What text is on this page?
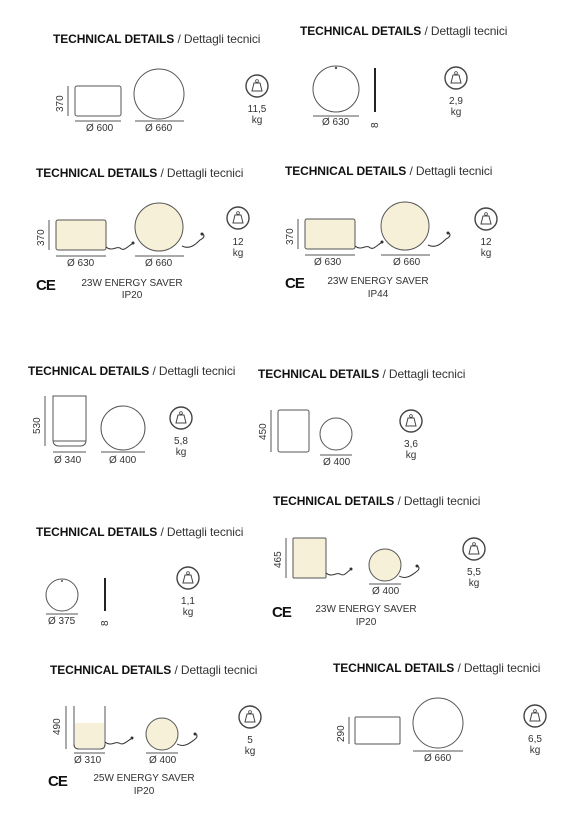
TECHNICAL DETAILS / Dettagli tecnici
370
Ø 600	Ø 660
11,5
kg
TECHNICAL DETAILS / Dettagli tecnici
Ø 630 8
2,9
kg
TECHNICAL DETAILS / Dettagli tecnici
370
Ø 630	Ø 660
12
kg
CE	23W ENERGY SAVER
IP20
TECHNICAL DETAILS / Dettagli tecnici
370
Ø 630	Ø 660
12
kg
CE	23W ENERGY SAVER
IP44
TECHNICAL DETAILS / Dettagli tecnici
530
Ø 340	Ø 400
5,8
kg
TECHNICAL DETAILS / Dettagli tecnici
450
Ø 400
3,6
kg
TECHNICAL DETAILS / Dettagli tecnici
Ø 375 8
1,1
kg
TECHNICAL DETAILS / Dettagli tecnici
465
Ø 400
5,5
kg
CE	23W ENERGY SAVER
IP20
TECHNICAL DETAILS / Dettagli tecnici
490
Ø 310	Ø 400
5
kg
CE	25W ENERGY SAVER
IP20
TECHNICAL DETAILS / Dettagli tecnici
290
Ø 660
6,5
kg
